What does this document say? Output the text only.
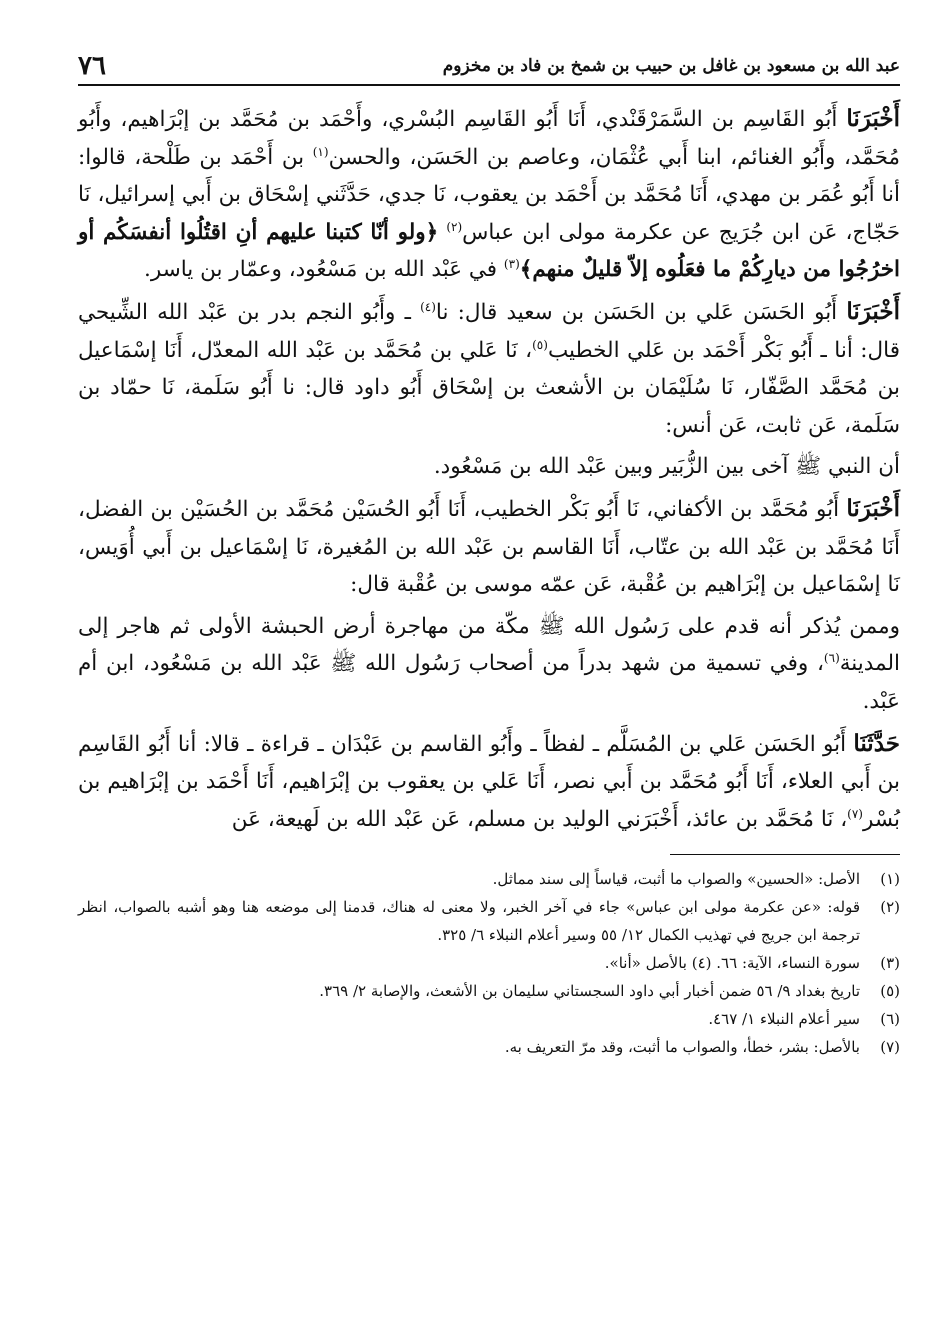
عبد الله بن مسعود بن غافل بن حبيب بن شمخ بن فاد بن مخزوم
٧٦

أَخْبَرَنَا أَبُو القَاسِم بن السَّمَرْقَنْدي، أَنَا أَبُو القَاسِم البُسْري، وأَحْمَد بن مُحَمَّد بن إبْرَاهيم، وأَبُو مُحَمَّد، وأَبُو الغنائم، ابنا أَبي عُثْمَان، وعاصم بن الحَسَن، والحسن$^{(١)}$ بن أَحْمَد بن طَلْحة، قالوا: أنا أَبُو عُمَر بن مهدي، أَنَا مُحَمَّد بن أَحْمَد بن يعقوب، نَا جدي، حَدَّثَني إسْحَاق بن أَبي إسرائيل، نَا حَجّاج، عَن ابن جُرَيج عن عكرمة مولى ابن عباس$^{(٢)}$ ﴿ولو أنّا كتبنا عليهم أنِ اقتُلُوا أنفسَكُم أو اخرُجُوا من ديارِكُمْ ما فعَلُوه إلاّ قليلٌ منهم﴾$^{(٣)}$ في عَبْد الله بن مَسْعُود، وعمّار بن ياسر.

أَخْبَرَنَا أَبُو الحَسَن عَلي بن الحَسَن بن سعيد قال: نا$^{(٤)}$ ـ وأَبُو النجم بدر بن عَبْد الله الشِّيحي قال: أنا ـ أَبُو بَكْر أَحْمَد بن عَلي الخطيب$^{(٥)}$، نَا عَلي بن مُحَمَّد بن عَبْد الله المعدّل، أَنَا إسْمَاعيل بن مُحَمَّد الصَّفّار، نَا سُلَيْمَان بن الأشعث بن إسْحَاق أَبُو داود قال: نا أَبُو سَلَمة، نَا حمّاد بن سَلَمة، عَن ثابت، عَن أنس:

أن النبي ﷺ آخى بين الزُّبَير وبين عَبْد الله بن مَسْعُود.

أَخْبَرَنَا أَبُو مُحَمَّد بن الأكفاني، نَا أَبُو بَكْر الخطيب، أَنَا أَبُو الحُسَيْن مُحَمَّد بن الحُسَيْن بن الفضل، أَنَا مُحَمَّد بن عَبْد الله بن عتّاب، أَنَا القاسم بن عَبْد الله بن المُغيرة، نَا إسْمَاعيل بن أَبي أُوَيس، نَا إسْمَاعيل بن إبْرَاهيم بن عُقْبة، عَن عمّه موسى بن عُقْبة قال:

وممن يُذكر أنه قدم على رَسُول الله ﷺ مكّة من مهاجرة أرض الحبشة الأولى ثم هاجر إلى المدينة$^{(٦)}$، وفي تسمية من شهد بدراً من أصحاب رَسُول الله ﷺ عَبْد الله بن مَسْعُود، ابن أم عَبْد.

حَدَّثَنَا أَبُو الحَسَن عَلي بن المُسَلَّم ـ لفظاً ـ وأَبُو القاسم بن عَبْدَان ـ قراءة ـ قالا: أنا أَبُو القَاسِم بن أَبي العلاء، أَنَا أَبُو مُحَمَّد بن أَبي نصر، أَنَا عَلي بن يعقوب بن إبْرَاهيم، أَنَا أَحْمَد بن إبْرَاهيم بن بُسْر$^{(٧)}$، نَا مُحَمَّد بن عائذ، أَخْبَرَني الوليد بن مسلم، عَن عَبْد الله بن لَهيعة، عَن

(١)
الأصل: «الحسين» والصواب ما أثبت، قياساً إلى سند مماثل.

(٢)
قوله: «عن عكرمة مولى ابن عباس» جاء في آخر الخبر، ولا معنى له هناك، قدمنا إلى موضعه هنا وهو أشبه بالصواب، انظر ترجمة ابن جريج في تهذيب الكمال ١٢/ ٥٥ وسير أعلام النبلاء ٦/ ٣٢٥.

(٣)
سورة النساء، الآية: ٦٦. (٤) بالأصل «أنا».

(٥)
تاريخ بغداد ٩/ ٥٦ ضمن أخبار أبي داود السجستاني سليمان بن الأشعث، والإصابة ٢/ ٣٦٩.

(٦)
سير أعلام النبلاء ١/ ٤٦٧.

(٧)
بالأصل: بشر، خطأ، والصواب ما أثبت، وقد مرّ التعريف به.
